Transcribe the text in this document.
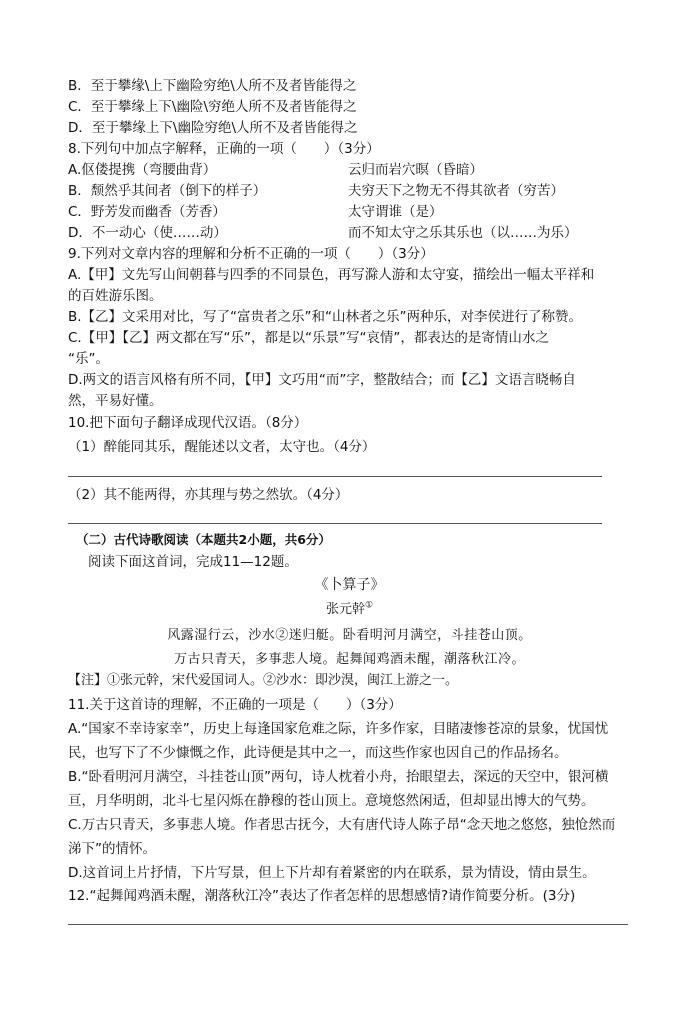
B．至于攀缘\上下幽险穷绝\人所不及者皆能得之
C．至于攀缘上下\幽险\穷绝人所不及者皆能得之
D．至于攀缘上下\幽险穷绝\人所不及者皆能得之
8.下列句中加点字解释，正确的一项（　　）（3分）
A.伛偻提携（弯腰曲背）	云归而岩穴暝（昏暗）
B．颓然乎其间者（倒下的样子）	夫穷天下之物无不得其欲者（穷苦）
C．野芳发而幽香（芳香）	太守谓谁（是）
D．不一动心（使……动）	而不知太守之乐其乐也（以……为乐）
9.下列对文章内容的理解和分析不正确的一项（　　）（3分）
A.【甲】文先写山间朝暮与四季的不同景色，再写滁人游和太守宴，描绘出一幅太平祥和
的百姓游乐图。
B.【乙】文采用对比，写了“富贵者之乐”和“山林者之乐”两种乐，对李侯进行了称赞。
C.【甲】【乙】两文都在写“乐”，都是以“乐景”写“哀情”，都表达的是寄情山水之
“乐”。
D.两文的语言风格有所不同，【甲】文巧用“而”字，整散结合；而【乙】文语言晓畅自
然，平易好懂。
10.把下面句子翻译成现代汉语。（8分）
（1）醉能同其乐，醒能述以文者，太守也。（4分）
（2）其不能两得，亦其理与势之然欤。（4分）
（二）古代诗歌阅读（本题共2小题，共6分）
阅读下面这首词，完成11—12题。
《卜算子》
张元幹①
风露湿行云，沙水②迷归艇。卧看明河月满空，斗挂苍山顶。
万古只青天，多事悲人境。起舞闻鸡酒未醒，潮落秋江冷。
【注】①张元幹，宋代爱国词人。②沙水：即沙湨，闽江上游之一。
11.关于这首诗的理解，不正确的一项是（　　）（3分）
A.“国家不幸诗家幸”，历史上每逢国家危难之际，许多作家，目睹凄惨苍凉的景象，忧国忧
民，也写下了不少慷慨之作，此诗便是其中之一，而这些作家也因自己的作品扬名。
B.“卧看明河月满空，斗挂苍山顶”两句，诗人枕着小舟，抬眼望去，深远的天空中，银河横
亘，月华明朗，北斗七星闪烁在静穆的苍山顶上。意境悠然闲适，但却显出博大的气势。
C.万古只青天，多事悲人境。作者思古抚今，大有唐代诗人陈子昂“念天地之悠悠，独怆然而
涕下”的情怀。
D.这首词上片抒情，下片写景，但上下片却有着紧密的内在联系，景为情设，情由景生。
12.“起舞闻鸡酒未醒，潮落秋江冷”表达了作者怎样的思想感情?请作简要分析。(3分)
